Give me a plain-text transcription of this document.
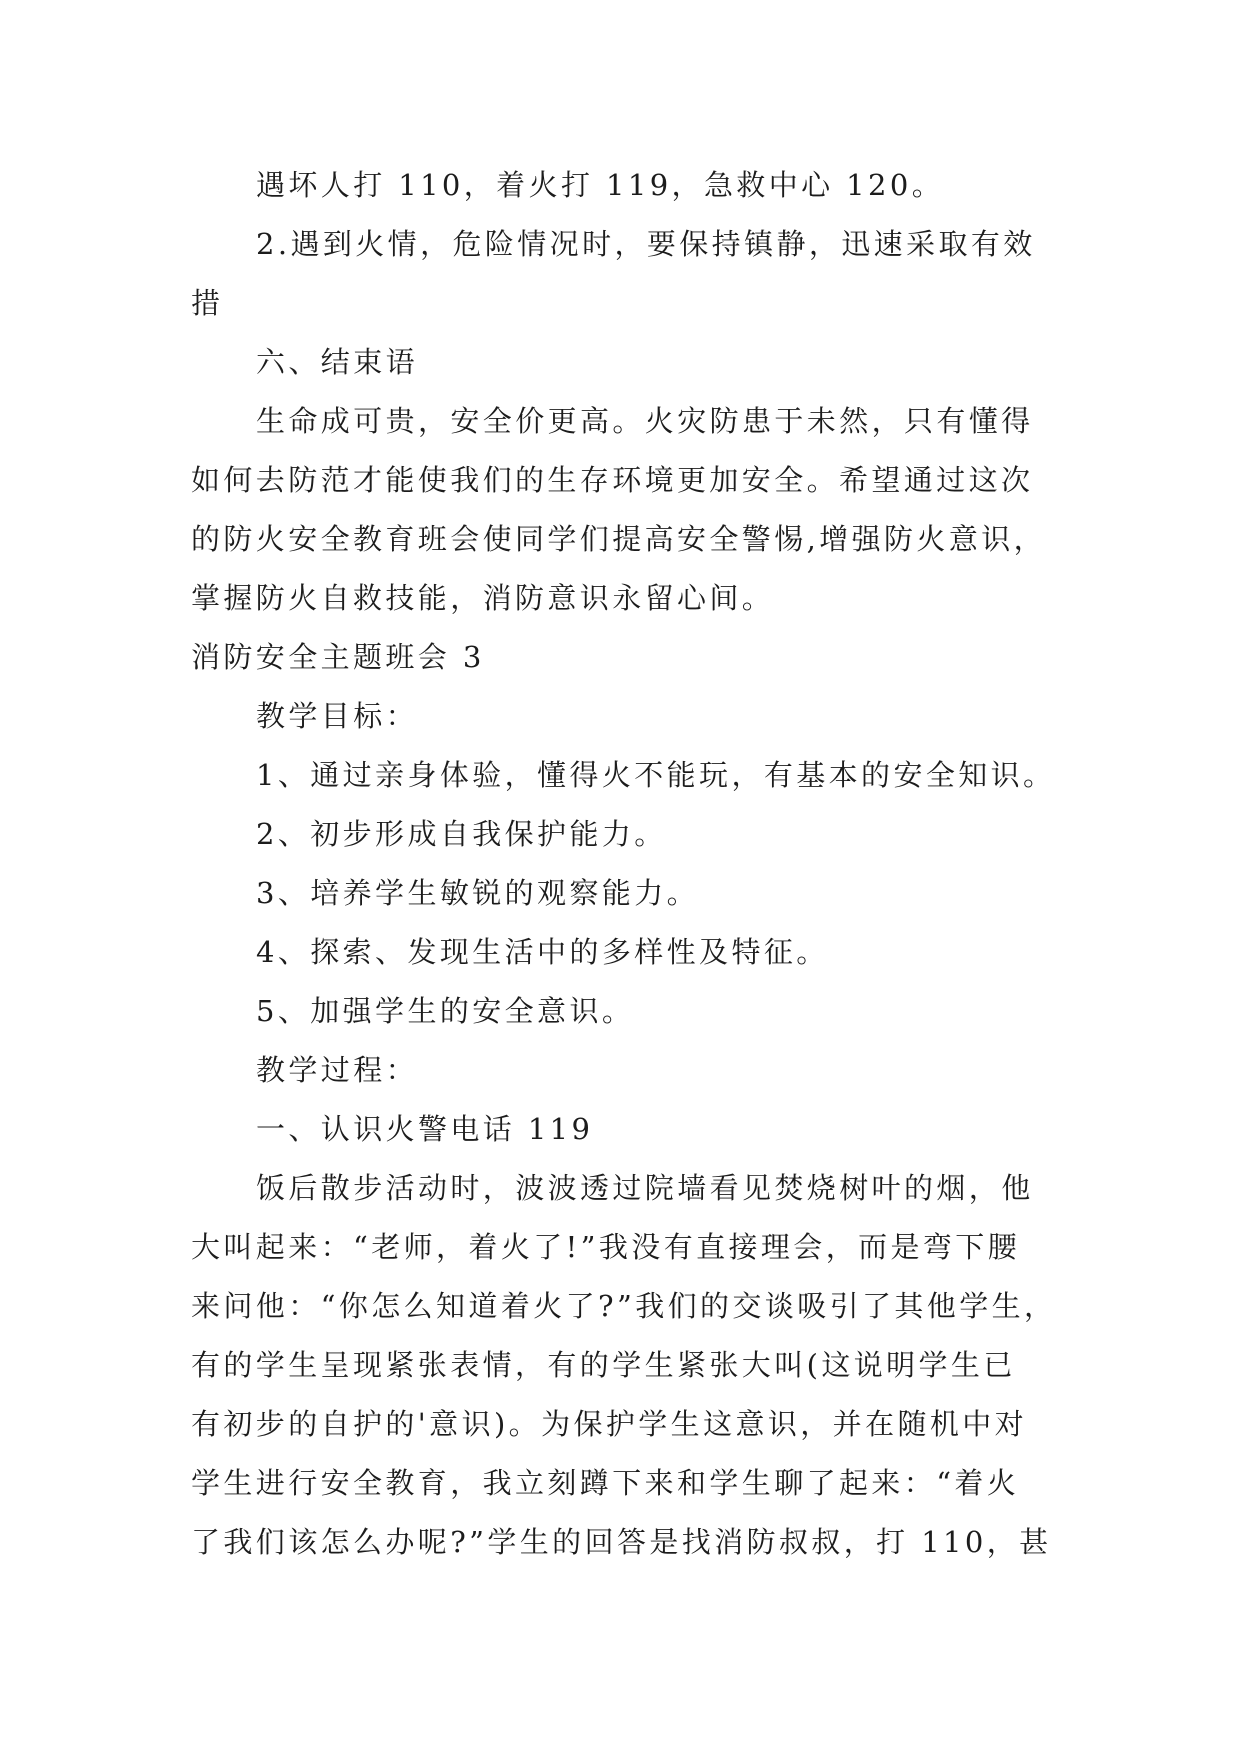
遇坏人打 110，着火打 119，急救中心 120。
2.遇到火情，危险情况时，要保持镇静，迅速采取有效
措
六、结束语
生命成可贵，安全价更高。火灾防患于未然，只有懂得
如何去防范才能使我们的生存环境更加安全。希望通过这次
的防火安全教育班会使同学们提高安全警惕,增强防火意识，
掌握防火自救技能，消防意识永留心间。
消防安全主题班会 3
教学目标：
1、通过亲身体验，懂得火不能玩，有基本的安全知识。
2、初步形成自我保护能力。
3、培养学生敏锐的观察能力。
4、探索、发现生活中的多样性及特征。
5、加强学生的安全意识。
教学过程：
一、认识火警电话 119
饭后散步活动时，波波透过院墙看见焚烧树叶的烟，他
大叫起来：“老师，着火了!”我没有直接理会，而是弯下腰
来问他：“你怎么知道着火了?”我们的交谈吸引了其他学生，
有的学生呈现紧张表情，有的学生紧张大叫(这说明学生已
有初步的自护的'意识)。为保护学生这意识，并在随机中对
学生进行安全教育，我立刻蹲下来和学生聊了起来：“着火
了我们该怎么办呢?”学生的回答是找消防叔叔，打 110，甚
